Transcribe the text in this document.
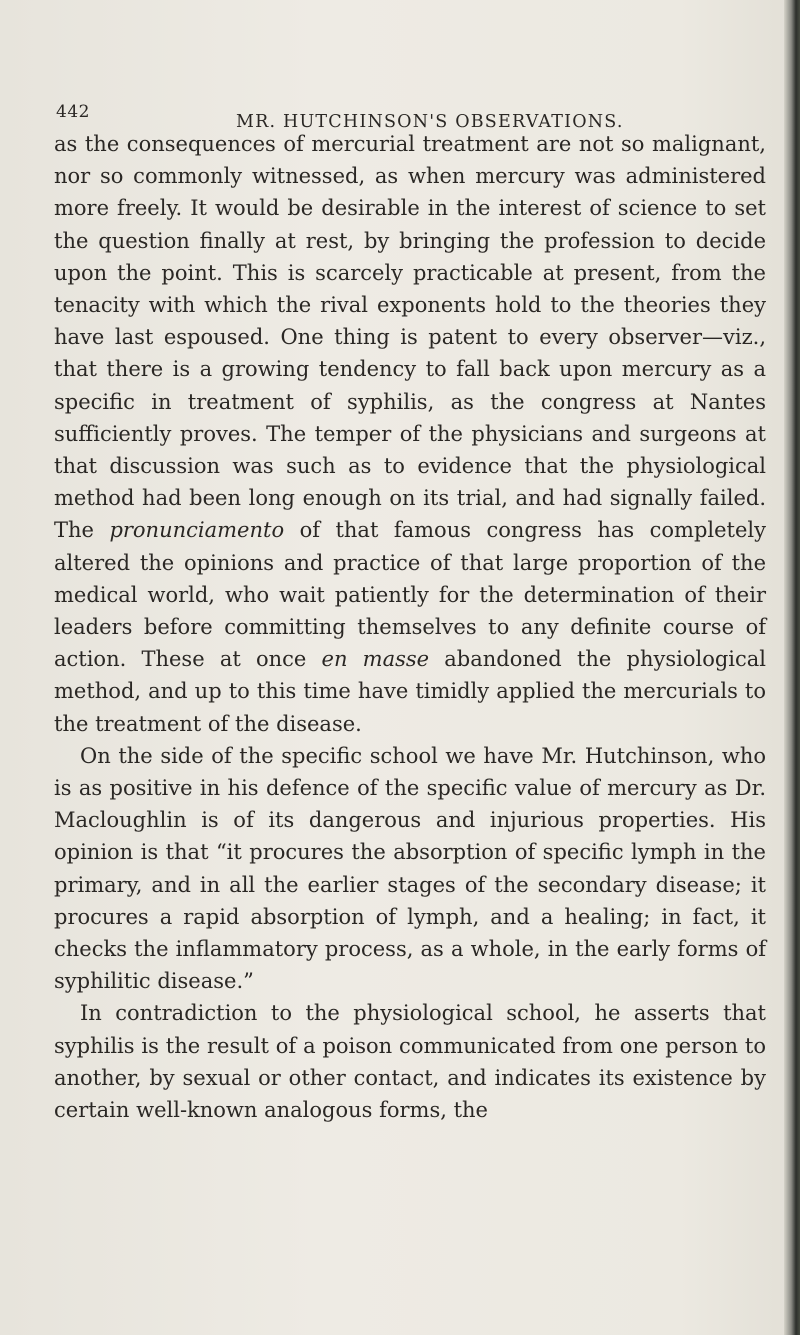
442	MR. HUTCHINSON'S OBSERVATIONS.

as the consequences of mercurial treatment are not so malignant, nor so commonly witnessed, as when mercury was administered more freely. It would be desirable in the interest of science to set the question finally at rest, by bringing the profession to decide upon the point. This is scarcely practicable at present, from the tenacity with which the rival exponents hold to the theories they have last espoused. One thing is patent to every observer—viz., that there is a growing tendency to fall back upon mercury as a specific in treatment of syphilis, as the congress at Nantes sufficiently proves. The temper of the physicians and surgeons at that discussion was such as to evidence that the physiological method had been long enough on its trial, and had signally failed. The pronunciamento of that famous congress has completely altered the opinions and practice of that large proportion of the medical world, who wait patiently for the determination of their leaders before committing themselves to any definite course of action. These at once en masse abandoned the physiological method, and up to this time have timidly applied the mercurials to the treatment of the disease.

On the side of the specific school we have Mr. Hutchinson, who is as positive in his defence of the specific value of mercury as Dr. Macloughlin is of its dangerous and injurious properties. His opinion is that “it procures the absorption of specific lymph in the primary, and in all the earlier stages of the secondary disease; it procures a rapid absorption of lymph, and a healing; in fact, it checks the inflammatory process, as a whole, in the early forms of syphilitic disease.”

In contradiction to the physiological school, he asserts that syphilis is the result of a poison communicated from one person to another, by sexual or other contact, and indicates its existence by certain well-known analogous forms, the
